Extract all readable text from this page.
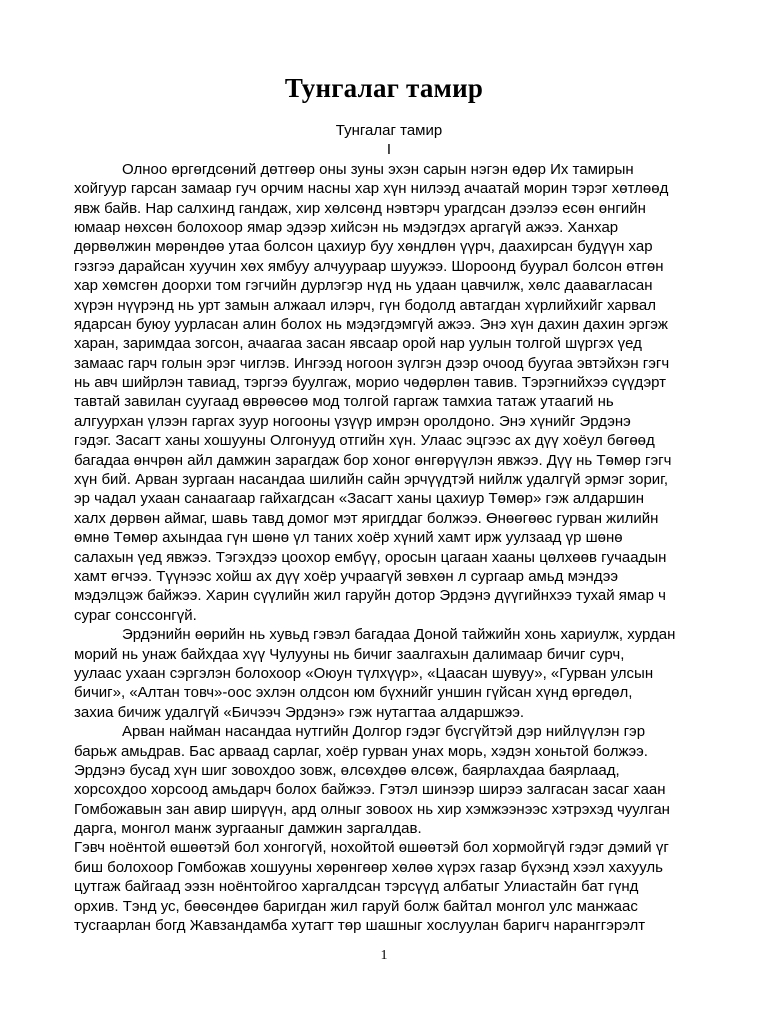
Тунгалаг тамир
Тунгалаг тамир
I
Олноо өргөгдсөний дөтгөөр оны зуны эхэн сарын нэгэн өдөр Их тамирын
хойгуур гарсан замаар гуч орчим насны хар хүн нилээд ачаатай морин тэрэг хөтлөөд
явж байв. Нар салхинд гандаж, хир хөлсөнд нэвтэрч урагдсан дээлээ есөн өнгийн
юмаар нөхсөн болохоор ямар эдээр хийсэн нь мэдэгдэх аргагүй ажээ. Ханхар
дөрвөлжин мөрөндөө утаа болсон цахиур буу хөндлөн үүрч, даахирсан будүүн хар
гэзгээ дарайсан хуучин хөх ямбуу алчуураар шуужээ. Шороонд буурал болсон өтгөн
хар хөмсгөн доорхи том гэгчийн дурлэгэр нүд нь удаан цавчилж, хөлс даавarласан
хүрэн нүүрэнд нь урт замын алжаал илэрч, гүн бодолд автагдан хүрлийхийг харвал
ядарсан буюу уурласан алин болох нь мэдэгдэмгүй ажээ. Энэ хүн дахин дахин эргэж
харан, заримдаа зогсон, ачаагаа засан явсаар орой нар уулын толгой шүргэх үед
замаас гарч голын эрэг чиглэв. Ингээд ногоон зүлгэн дээр очоод буугаа эвтэйхэн гэгч
нь авч шийрлэн тавиад, тэргээ буулгаж, морио чөдөрлөн тавив. Тэрэгнийхээ сүүдэрт
тавтай завилан суугаад өврөөсөө мод толгой гаргаж тамхиа татаж утаагий нь
алгуурхан үлээн гаргах зуур ногооны үзүүр имрэн оролдоно. Энэ хүнийг Эрдэнэ
гэдэг. Засагт ханы хошууны Олгонууд отгийн хүн. Улаас эцгээс ах дүү хоёул бөгөөд
багадаа өнчрөн айл дамжин зарагдаж бор хоног өнгөрүүлэн явжээ. Дүү нь Төмөр гэгч
хүн бий. Арван зургаан насандаа шилийн сайн эрчүүдтэй нийлж удалгүй эрмэг зориг,
эр чадал ухаан санаагаар гайхагдсан «Засагт ханы цахиур Төмөр» гэж алдаршин
халх дөрвөн аймаг, шавь тавд домог мэт яригддаг болжээ. Өнөөгөөс гурван жилийн
өмнө Төмөр ахындаа гүн шөнө үл таних хоёр хүний хамт ирж уулзаад үр шөнө
салахын үед явжээ. Тэгэхдээ цоохор ембүү, оросын цагаан хааны цөлхөөв гучаадын
хамт өгчээ. Түүнээс хойш ах дүү хоёр учраагүй зөвхөн л сургаар амьд мэндээ
мэдэлцэж байжээ. Харин сүүлийн жил гаруйн дотор Эрдэнэ дүүгийнхээ тухай ямар ч
сураг сонссонгүй.
Эрдэнийн өөрийн нь хувьд гэвэл багадаа Доной тайжийн хонь хариулж, хурдан
морий нь унаж байхдаа хүү Чулууны нь бичиг заалгахын далимаар бичиг сурч,
уулаас ухаан сэргэлэн болохоор «Оюун түлхүүр», «Цаасан шувуу», «Гурван улсын
бичиг», «Алтан товч»-оос эхлэн олдсон юм бүхнийг уншин гүйсан хүнд өргөдөл,
захиа бичиж удалгүй «Бичээч Эрдэнэ» гэж нутагтаа алдаршжээ.
Арван найман насандаа нутгийн Долгор гэдэг бүсгүйтэй дэр нийлүүлэн гэр
барьж амьдрав. Бас арваад сарлаг, хоёр гурван унах морь, хэдэн хоньтой болжээ.
Эрдэнэ бусад хүн шиг зовохдоо зовж, өлсөхдөө өлсөж, баярлахдаа баярлаад,
хорсохдоо хорсоод амьдарч болох байжээ. Гэтэл шинээр ширээ залгасан засаг хаан
Гомбожавын зан авир ширүүн, ард олныг зовоох нь хир хэмжээнээс хэтрэхэд чуулган
дарга, монгол манж зургааныг дамжин заргалдав.
Гэвч ноёнтой өшөөтэй бол хонгогүй, нохойтой өшөөтэй бол хормойгүй гэдэг дэмий үг
биш болохоор Гомбожав хошууны хөрөнгөөр хөлөө хүрэх газар бүхэнд хээл хахууль
цутгаж байгаад ээзн ноёнтойгоо харгалдсан тэрсүүд албатыг Улиастайн бат гүнд
орхив. Тэнд ус, бөөсөндөө баригдан жил гаруй болж байтал монгол улс манжаас
тусгаарлан богд Жавзандамба хутагт төр шашныг хослуулан баригч наранггэрэлт
1
